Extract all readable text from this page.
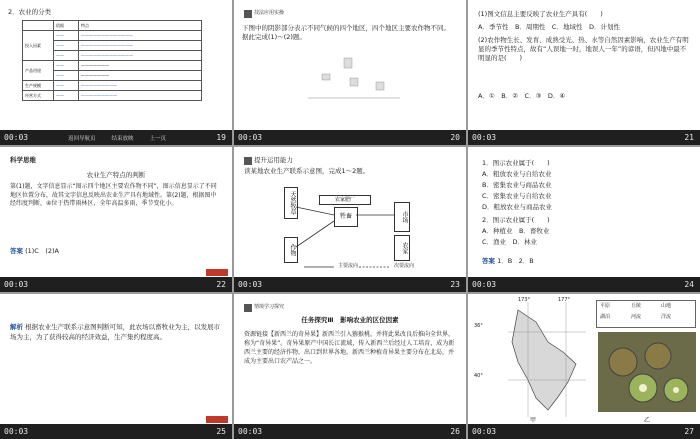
2．农业的分类
	依据	特点
投入因素	——	—————————————
	——	—————————————
	——	—————————————
产品用途	——	———————
	——	———————
生产规模	——	—————————
经营方式	——	—————————
00:03	返回导航页	结束放映	上一页	19
技法应用实操
下图中的阴影部分表示不同气候的四个地区，四个地区主要农作物不同。据此完成(1)～(2)题。
00:03	20
(1)图文信息主要反映了农业生产具有(　　)
A．季节性　B．周期性　C．地域性　D．计划性
(2)农作物生长、发育、成熟受光、热、水等自然因素影响，农业生产有明显的季节性特点，故有“人误地一时，地误人一年”的谚语，但四地中最不明显的是(　　)
A．①　B．②　C．③　D．④
00:03	21
科学思维
农业生产特点的判断
第(1)题，文字信息显示“图示四个地区主要农作物不同”，图示信息显示了不同地区位置分布，故其文字信息反映出农业生产具有地域性。第(2)题，根据图中经纬度判断，④位于热带雨林区，全年高温多雨，季节变化小。
答案 (1)C　(2)A
00:03	22
提升运用能力
读某地农业生产联系示意图，完成1～2题。
天然牧草
牲畜	市场
作物	农家
农家肥厂
主要流向	次要流向
00:03	23
1．图示农业属于(　　)
A．粗放农业与自给农业
B．密集农业与商品农业
C．密集农业与自给农业
D．粗放农业与商品农业
2．图示农业属于(　　)
A．种植业　B．畜牧业
C．渔业　D．林业
答案 1．B　2．B
00:03	24
解析 根据农业生产联系示意图判断可知，此农场以畜牧业为主，以发展市场为主，为了获得较高的经济效益，生产集约程度高。
00:03	25
情境学习探究
任务探究Ⅲ　影响农业的区位因素
资源链接【新西兰的奇异果】新西兰引入猕猴桃，并将此果改良后推向全世界，称为“奇异果”。奇异果原产中国长江流域，传入新西兰后经过人工培育，成为新西兰主要的经济作物，出口到世界各地。新西兰种植奇异果主要分布在北岛，并成为主要出口农产品之一。
00:03	26
173°	177°
36°
40°
平原	丘陵	山地
湖泊	河流	洋流
甲	乙
00:03	27
